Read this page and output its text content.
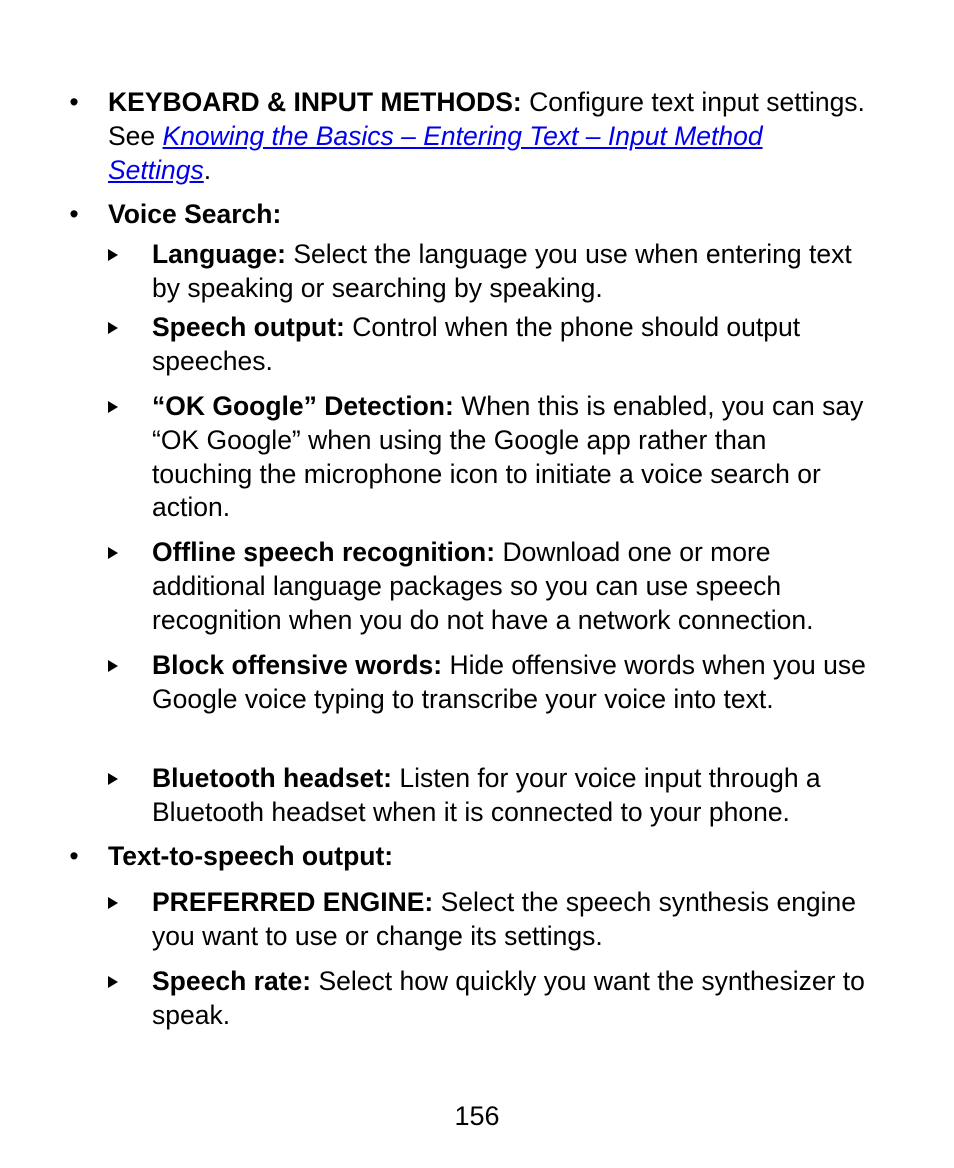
• KEYBOARD & INPUT METHODS: Configure text input settings. See Knowing the Basics – Entering Text – Input Method Settings.
• Voice Search:
Language: Select the language you use when entering text by speaking or searching by speaking.
Speech output: Control when the phone should output speeches.
“OK Google” Detection: When this is enabled, you can say “OK Google” when using the Google app rather than touching the microphone icon to initiate a voice search or action.
Offline speech recognition: Download one or more additional language packages so you can use speech recognition when you do not have a network connection.
Block offensive words: Hide offensive words when you use Google voice typing to transcribe your voice into text.
Bluetooth headset: Listen for your voice input through a Bluetooth headset when it is connected to your phone.
• Text-to-speech output:
PREFERRED ENGINE: Select the speech synthesis engine you want to use or change its settings.
Speech rate: Select how quickly you want the synthesizer to speak.
156
